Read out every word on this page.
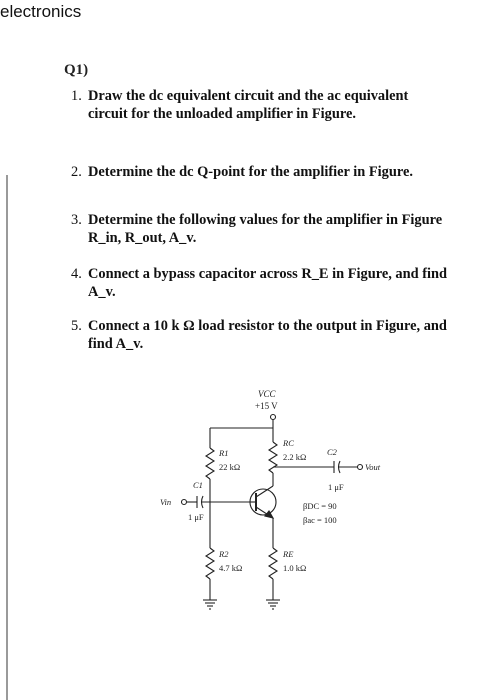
electronics
Q1)
1. Draw the dc equivalent circuit and the ac equivalent circuit for the unloaded amplifier in Figure.
2. Determine the dc Q-point for the amplifier in Figure.
3. Determine the following values for the amplifier in Figure R_in, R_out, A_v.
4. Connect a bypass capacitor across R_E in Figure, and find A_v.
5. Connect a 10 k Ω load resistor to the output in Figure, and find A_v.
VCC
+15 V
R1
22 kΩ
RC
2.2 kΩ C2
1 μF
Vout
C1
1 μF
Vin	βDC = 90
βac = 100
R2
4.7 kΩ
RE
1.0 kΩ
